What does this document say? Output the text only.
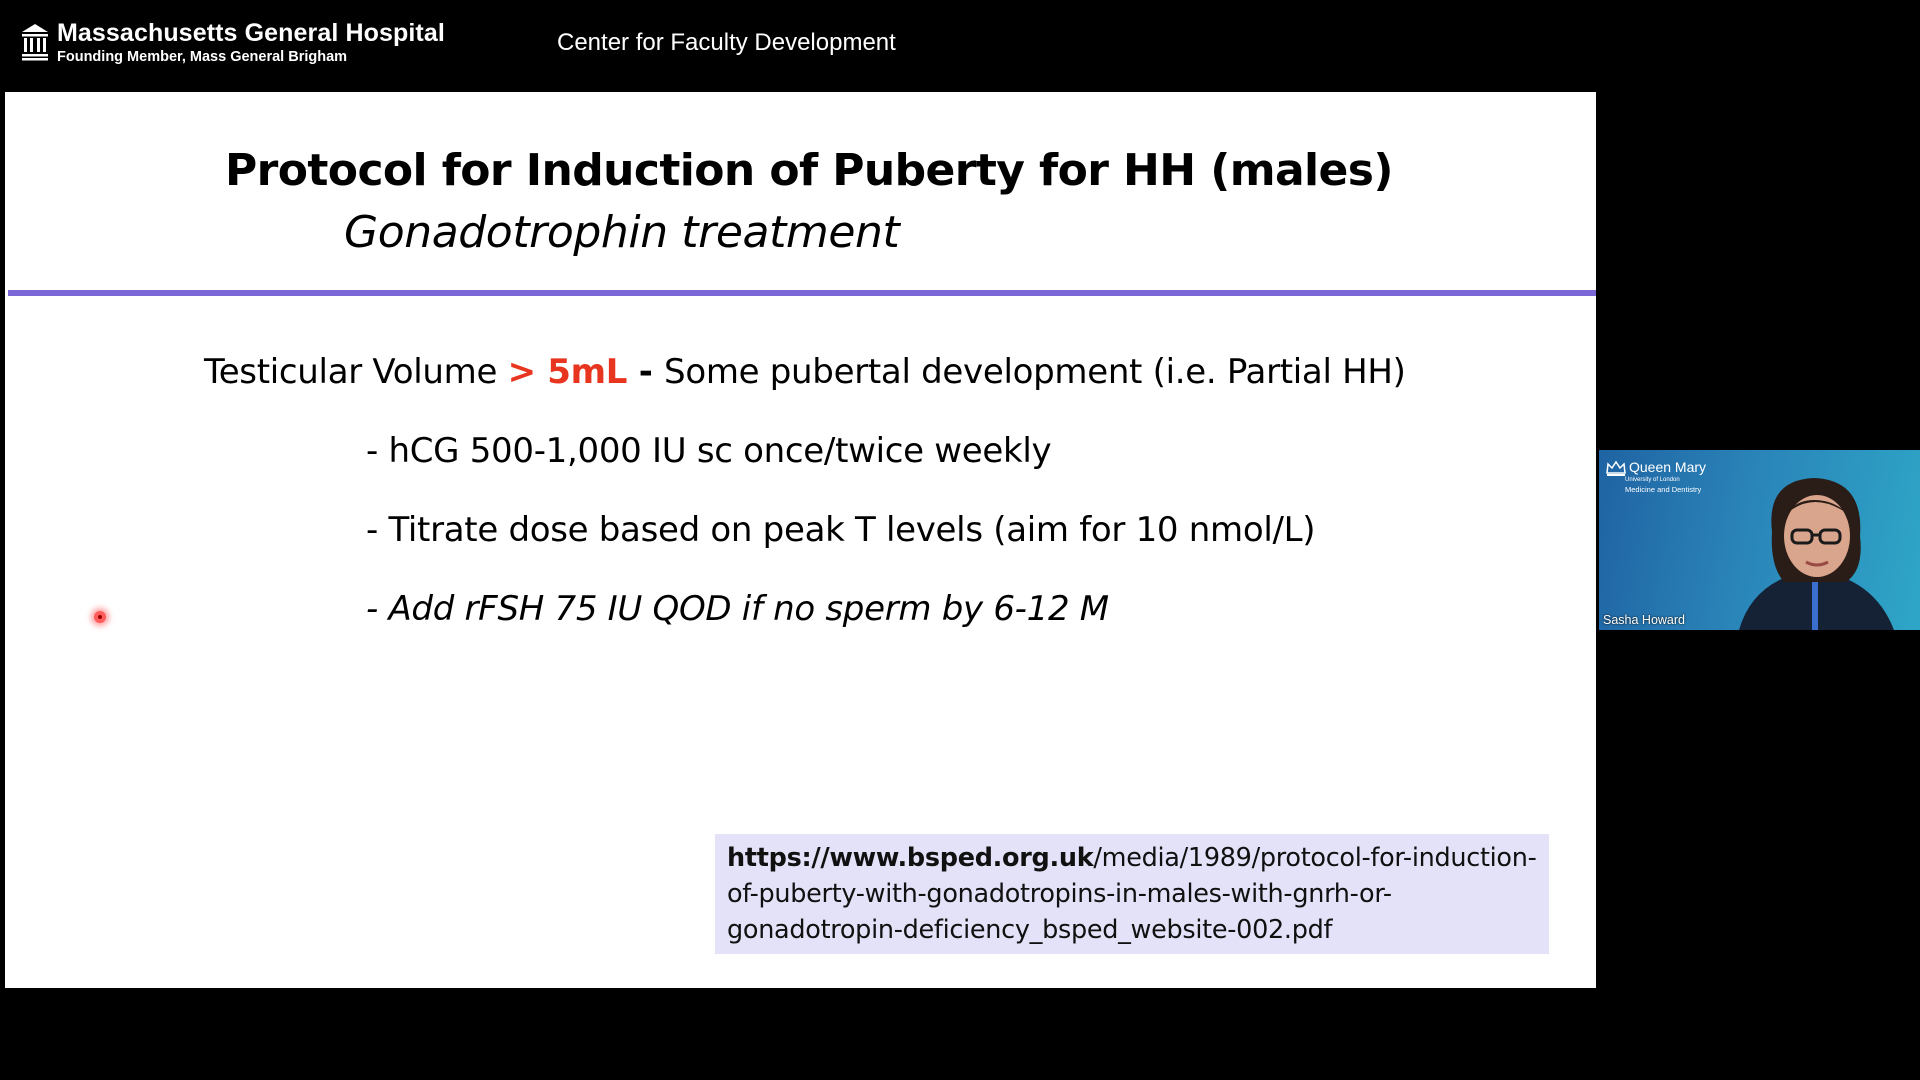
Massachusetts General Hospital
Founding Member, Mass General Brigham
Center for Faculty Development
Protocol for Induction of Puberty for HH (males)
Gonadotrophin treatment
Testicular Volume > 5mL - Some pubertal development (i.e. Partial HH)
- hCG 500-1,000 IU sc once/twice weekly
- Titrate dose based on peak T levels (aim for 10 nmol/L)
- Add rFSH 75 IU QOD if no sperm by 6-12 M
https://www.bsped.org.uk/media/1989/protocol-for-induction-of-puberty-with-gonadotropins-in-males-with-gnrh-or-gonadotropin-deficiency_bsped_website-002.pdf
Queen Mary
University of London
Medicine and Dentistry
Sasha Howard
